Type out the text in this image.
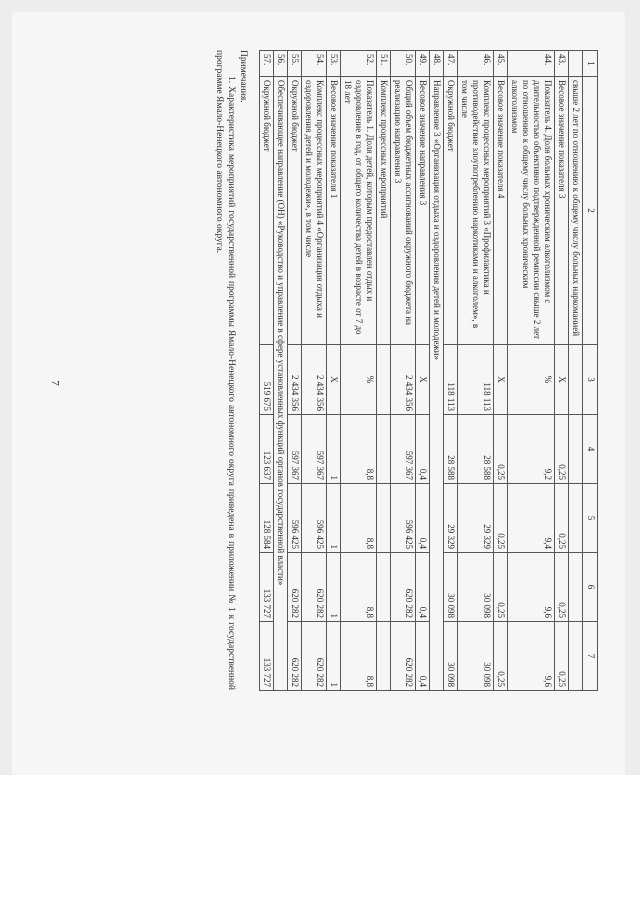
7
1	2	3	4	5	6	7
	свыше 2 лет по отношению к общему числу больных наркоманией					
43.	Весовое значение показателя 3	X	0,25	0,25	0,25	0,25
44.	Показатель 4. Доля больных хроническим алкоголизмом с длительностью объективно подтвержденной ремиссии свыше 2 лет по отношению к общему числу больных хроническим алкоголизмом	%	9,2	9,4	9,6	9,6
45.	Весовое значение показателя 4	X	0,25	0,25	0,25	0,25
46.	Комплекс процессных мероприятий 3 «Профилактика и противодействие злоупотреблению наркотиками и алкоголем», в том числе	118 113	28 588	29 329	30 098	30 098
47.	Окружной бюджет	118 113	28 588	29 329	30 098	30 098
48.	Направление 3 «Организация отдыха и оздоровления детей и молодежи»					
49.	Весовое значение направления 3	X	0,4	0,4	0,4	0,4
50.	Общий объем бюджетных ассигнований окружного бюджета на реализацию направления 3	2 434 356	597 367	596 425	620 282	620 282
51.	Комплекс процессных мероприятий					
52.	Показатель 1. Доля детей, которым предоставлен отдых и оздоровление в год, от общего количества детей в возрасте от 7 до 18 лет	%	8,8	8,8	8,8	8,8
53.	Весовое значение показателя 1	X	1	1	1	1
54.	Комплекс процессных мероприятий 4 «Организация отдыха и оздоровления детей и молодежи», в том числе	2 434 356	597 367	596 425	620 282	620 282
55.	Окружной бюджет	2 434 356	597 367	596 425	620 282	620 282
56.	Обеспечивающее направление (ОН) «Руководство и управление в сфере установленных функций органов государственной власти»					
57.	Окружной бюджет	519 675	123 637	128 584	133 727	133 727

Примечания.

1. Характеристика мероприятий государственной программы Ямало-Ненецкого автономного округа приведена в приложении № 1 к государственной программе Ямало-Ненецкого автономного округа.
